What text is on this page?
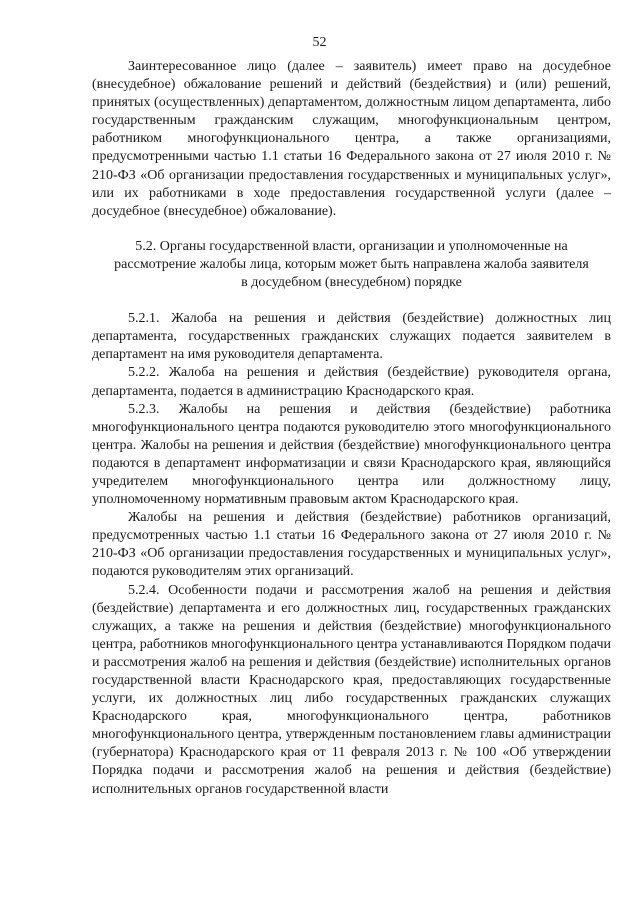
52

Заинтересованное лицо (далее – заявитель) имеет право на досудебное (внесудебное) обжалование решений и действий (бездействия) и (или) решений, принятых (осуществленных) департаментом, должностным лицом департамента, либо государственным гражданским служащим, многофункциональным центром, работником многофункционального центра, а также организациями, предусмотренными частью 1.1 статьи 16 Федерального закона от 27 июля 2010 г. № 210-ФЗ «Об организации предоставления государственных и муниципальных услуг», или их работниками в ходе предоставления государственной услуги (далее – досудебное (внесудебное) обжалование).

5.2. Органы государственной власти, организации и уполномоченные на рассмотрение жалобы лица, которым может быть направлена жалоба заявителя в досудебном (внесудебном) порядке

5.2.1. Жалоба на решения и действия (бездействие) должностных лиц департамента, государственных гражданских служащих подается заявителем в департамент на имя руководителя департамента.

5.2.2. Жалоба на решения и действия (бездействие) руководителя органа, департамента, подается в администрацию Краснодарского края.

5.2.3. Жалобы на решения и действия (бездействие) работника многофункционального центра подаются руководителю этого многофункционального центра. Жалобы на решения и действия (бездействие) многофункционального центра подаются в департамент информатизации и связи Краснодарского края, являющийся учредителем многофункционального центра или должностному лицу, уполномоченному нормативным правовым актом Краснодарского края.

Жалобы на решения и действия (бездействие) работников организаций, предусмотренных частью 1.1 статьи 16 Федерального закона от 27 июля 2010 г. № 210-ФЗ «Об организации предоставления государственных и муниципальных услуг», подаются руководителям этих организаций.

5.2.4. Особенности подачи и рассмотрения жалоб на решения и действия (бездействие) департамента и его должностных лиц, государственных гражданских служащих, а также на решения и действия (бездействие) многофункционального центра, работников многофункционального центра устанавливаются Порядком подачи и рассмотрения жалоб на решения и действия (бездействие) исполнительных органов государственной власти Краснодарского края, предоставляющих государственные услуги, их должностных лиц либо государственных гражданских служащих Краснодарского края, многофункционального центра, работников многофункционального центра, утвержденным постановлением главы администрации (губернатора) Краснодарского края от 11 февраля 2013 г. № 100 «Об утверждении Порядка подачи и рассмотрения жалоб на решения и действия (бездействие) исполнительных органов государственной власти
